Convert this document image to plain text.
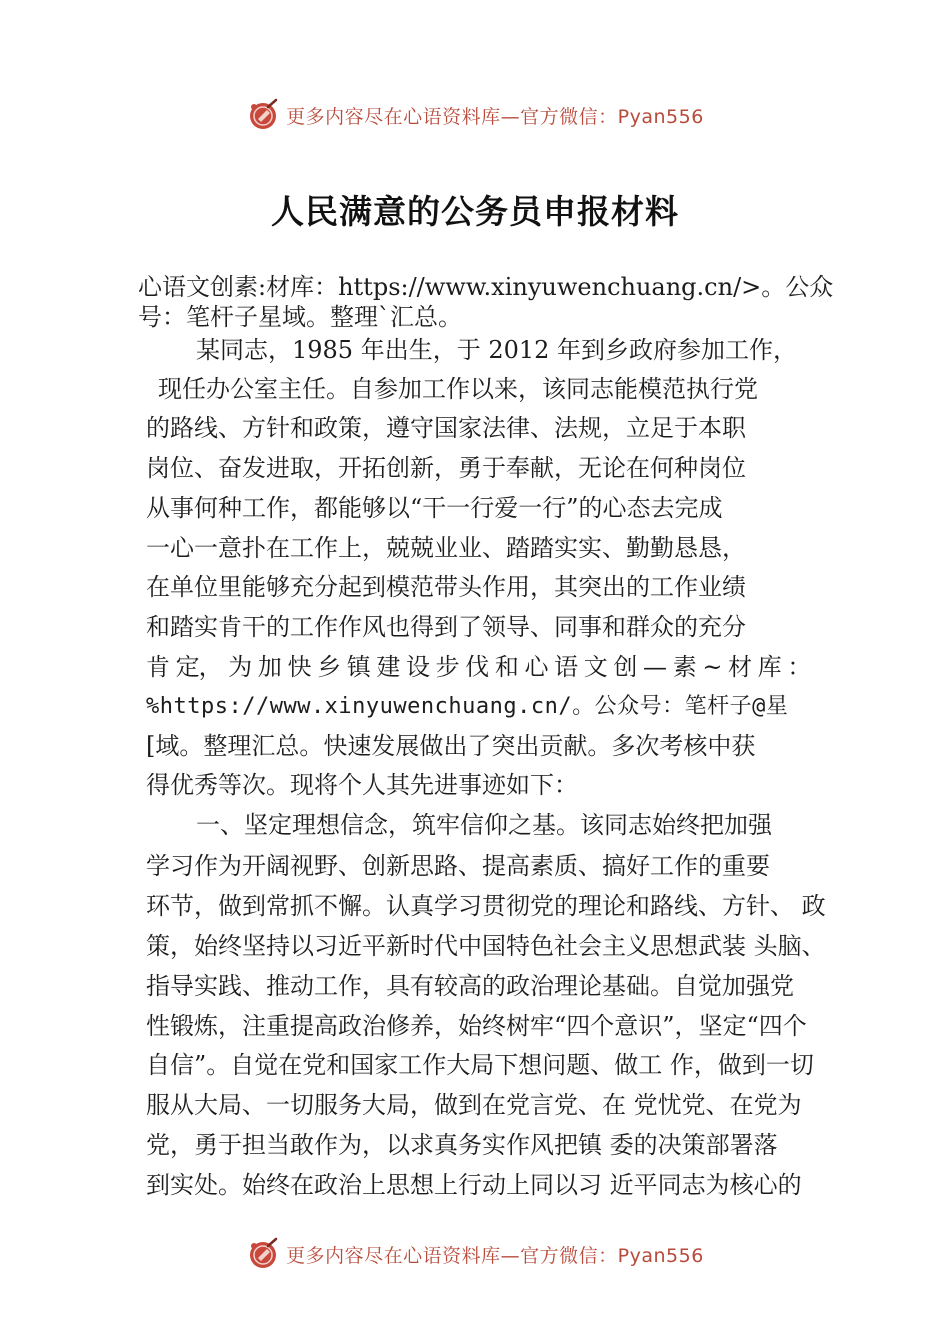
更多内容尽在心语资料库—官方微信：Pyan556
人民满意的公务员申报材料
心语文创素:材库：https://www.xinyuwenchuang.cn/>。公众
号：笔杆子星域。整理`汇总。
某同志，1985 年出生，于 2012 年到乡政府参加工作，
现任办公室主任。自参加工作以来，该同志能模范执行党
的路线、方针和政策，遵守国家法律、法规，立足于本职
岗位、奋发进取，开拓创新，勇于奉献，无论在何种岗位
从事何种工作，都能够以“干一行爱一行”的心态去完成
一心一意扑在工作上，兢兢业业、踏踏实实、勤勤恳恳，
在单位里能够充分起到模范带头作用，其突出的工作业绩
和踏实肯干的工作作风也得到了领导、同事和群众的充分
肯 定， 为 加 快 乡 镇 建 设 步 伐 和 心 语 文 创 — 素 ~ 材 库 ：
%https://www.xinyuwenchuang.cn/。公众号：笔杆子@星
[域。整理汇总。快速发展做出了突出贡献。多次考核中获
得优秀等次。现将个人其先进事迹如下：
一、坚定理想信念，筑牢信仰之基。该同志始终把加强
学习作为开阔视野、创新思路、提高素质、搞好工作的重要
环节，做到常抓不懈。认真学习贯彻党的理论和路线、方针、 政
策，始终坚持以习近平新时代中国特色社会主义思想武装 头脑、
指导实践、推动工作，具有较高的政治理论基础。自觉加强党
性锻炼，注重提高政治修养，始终树牢“四个意识”，坚定“四个
自信”。自觉在党和国家工作大局下想问题、做工 作，做到一切
服从大局、一切服务大局，做到在党言党、在 党忧党、在党为
党，勇于担当敢作为，以求真务实作风把镇 委的决策部署落
到实处。始终在政治上思想上行动上同以习 近平同志为核心的
更多内容尽在心语资料库—官方微信：Pyan556
